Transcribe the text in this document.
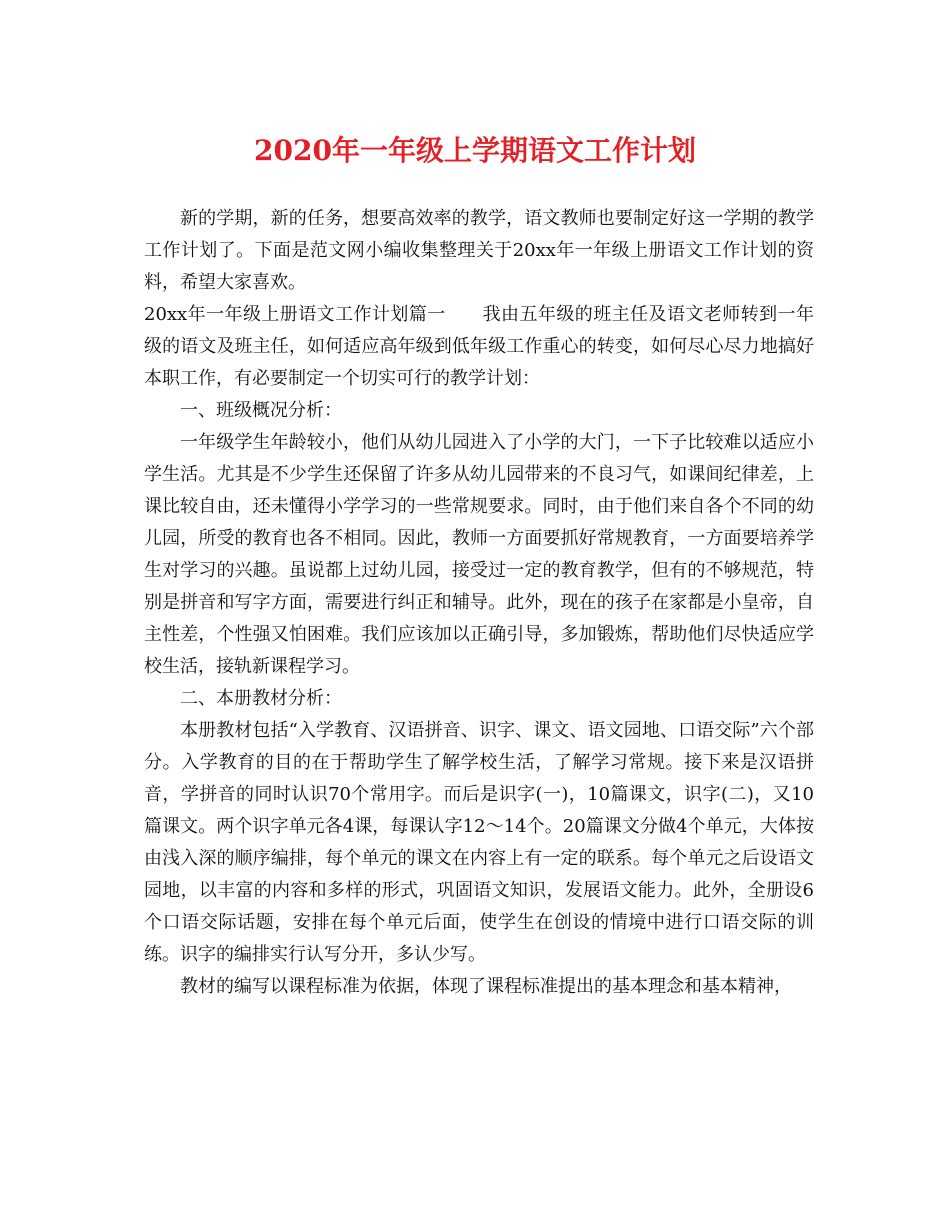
2020年一年级上学期语文工作计划

新的学期，新的任务，想要高效率的教学，语文教师也要制定好这一学期的教学工作计划了。下面是范文网小编收集整理关于20xx年一年级上册语文工作计划的资料，希望大家喜欢。

20xx年一年级上册语文工作计划篇一      我由五年级的班主任及语文老师转到一年级的语文及班主任，如何适应高年级到低年级工作重心的转变，如何尽心尽力地搞好本职工作，有必要制定一个切实可行的教学计划：

一、班级概况分析：

一年级学生年龄较小，他们从幼儿园进入了小学的大门，一下子比较难以适应小学生活。尤其是不少学生还保留了许多从幼儿园带来的不良习气，如课间纪律差，上课比较自由，还未懂得小学学习的一些常规要求。同时，由于他们来自各个不同的幼儿园，所受的教育也各不相同。因此，教师一方面要抓好常规教育，一方面要培养学生对学习的兴趣。虽说都上过幼儿园，接受过一定的教育教学，但有的不够规范，特别是拼音和写字方面，需要进行纠正和辅导。此外，现在的孩子在家都是小皇帝，自主性差，个性强又怕困难。我们应该加以正确引导，多加锻炼，帮助他们尽快适应学校生活，接轨新课程学习。

二、本册教材分析：

本册教材包括“入学教育、汉语拼音、识字、课文、语文园地、口语交际”六个部分。入学教育的目的在于帮助学生了解学校生活，了解学习常规。接下来是汉语拼音，学拼音的同时认识70个常用字。而后是识字(一)，10篇课文，识字(二)，又10篇课文。两个识字单元各4课，每课认字12～14个。20篇课文分做4个单元，大体按由浅入深的顺序编排，每个单元的课文在内容上有一定的联系。每个单元之后设语文园地，以丰富的内容和多样的形式，巩固语文知识，发展语文能力。此外，全册设6个口语交际话题，安排在每个单元后面，使学生在创设的情境中进行口语交际的训练。识字的编排实行认写分开，多认少写。

教材的编写以课程标准为依据，体现了课程标准提出的基本理念和基本精神，
